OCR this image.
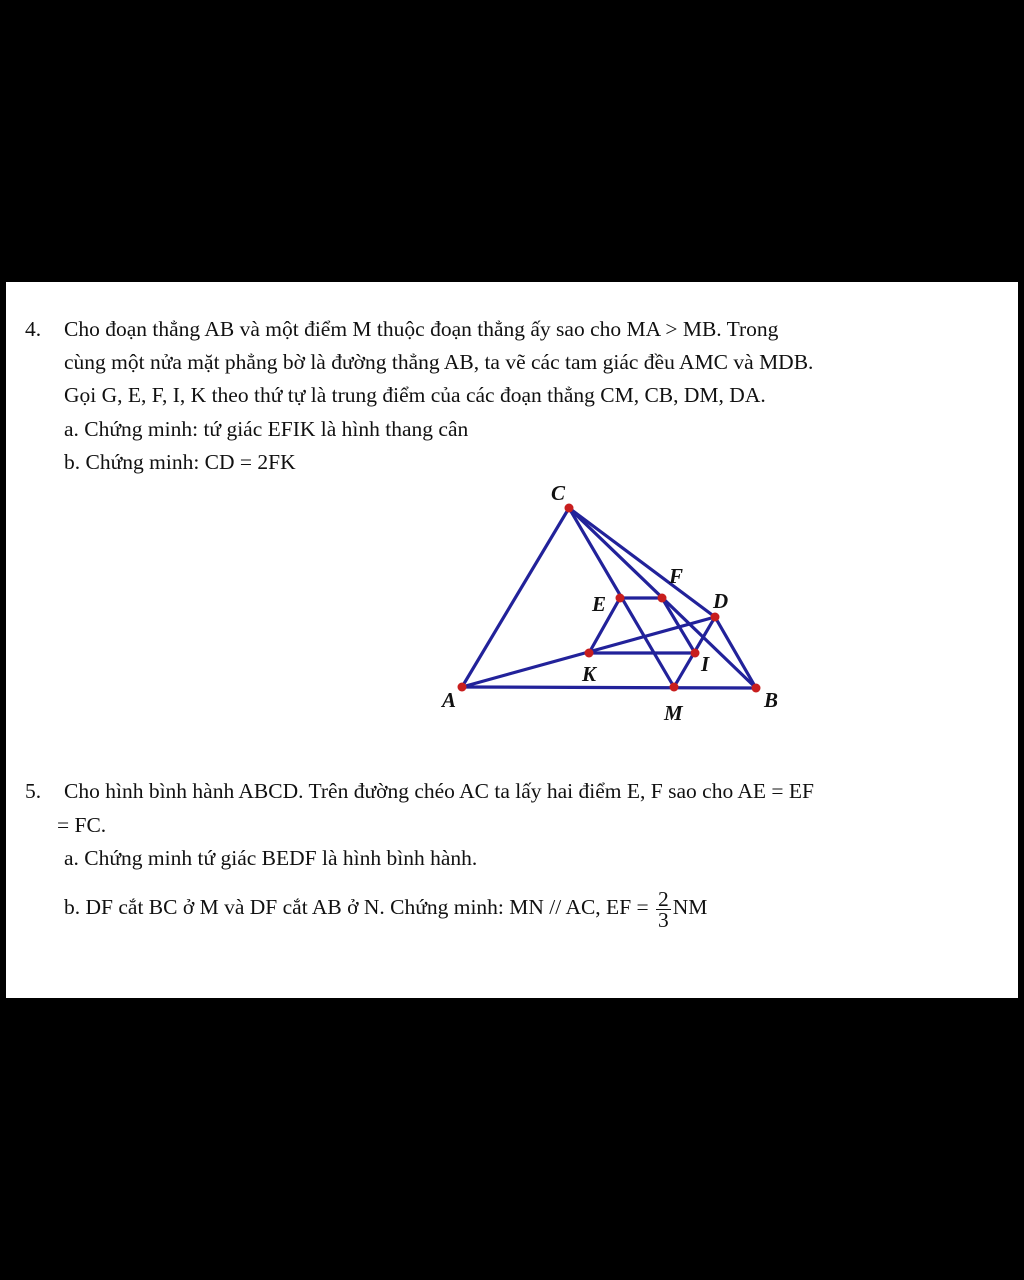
4. Cho đoạn thẳng AB và một điểm M thuộc đoạn thẳng ấy sao cho MA > MB. Trong
cùng một nửa mặt phẳng bờ là đường thẳng AB, ta vẽ các tam giác đều AMC và MDB.
Gọi G, E, F, I, K theo thứ tự là trung điểm của các đoạn thẳng CM, CB, DM, DA.
a. Chứng minh: tứ giác EFIK là hình thang cân
b. Chứng minh: CD = 2FK
C
F
E	D
K	I
A
M
B
5. Cho hình bình hành ABCD. Trên đường chéo AC ta lấy hai điểm E, F sao cho AE = EF
= FC.
a. Chứng minh tứ giác BEDF là hình bình hành.
b. DF cắt BC ở M và DF cắt AB ở N. Chứng minh: MN // AC, EF = $\frac{2}{3}$ NM
